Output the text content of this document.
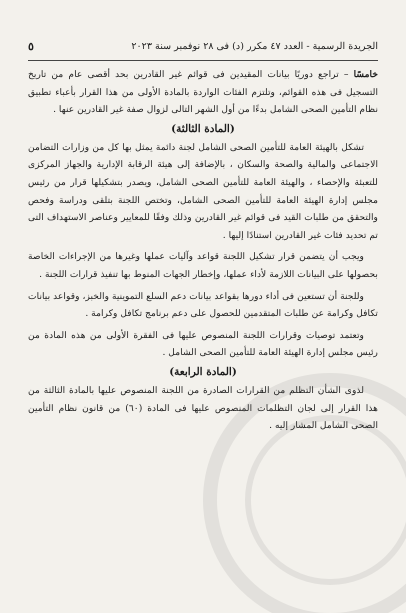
الجريدة الرسمية - العدد ٤٧ مكرر (د) فى ٢٨ نوفمبر سنة ٢٠٢٣
٥

خامسًا – تراجع دوريًا بيانات المقيدين فى قوائم غير القادرين بحد أقصى عام من تاريخ التسجيل فى هذه القوائم، وتلتزم الفئات الواردة بالمادة الأولى من هذا القرار بأعباء تطبيق نظام التأمين الصحى الشامل بدءًا من أول الشهر التالى لزوال صفة غير القادرين عنها .

(المادة الثالثة)

تشكل بالهيئة العامة للتأمين الصحى الشامل لجنة دائمة يمثل بها كل من وزارات التضامن الاجتماعى والمالية والصحة والسكان ، بالإضافة إلى هيئة الرقابة الإدارية والجهاز المركزى للتعبئة والإحصاء ، والهيئة العامة للتأمين الصحى الشامل، ويصدر بتشكيلها قرار من رئيس مجلس إدارة الهيئة العامة للتأمين الصحى الشامل، وتختص اللجنة بتلقى ودراسة وفحص والتحقق من طلبات القيد فى قوائم غير القادرين وذلك وفقًا للمعايير وعناصر الاستهداف التى تم تحديد فئات غير القادرين استنادًا إليها .

ويجب أن يتضمن قرار تشكيل اللجنة قواعد وآليات عملها وغيرها من الإجراءات الخاصة بحصولها على البيانات اللازمة لأداء عملها، وإخطار الجهات المنوط بها تنفيذ قرارات اللجنة .

وللجنة أن تستعين فى أداء دورها بقواعد بيانات دعم السلع التموينية والخبز، وقواعد بيانات تكافل وكرامة عن طلبات المتقدمين للحصول على دعم برنامج تكافل وكرامة .

وتعتمد توصيات وقرارات اللجنة المنصوص عليها فى الفقرة الأولى من هذه المادة من رئيس مجلس إدارة الهيئة العامة للتأمين الصحى الشامل .

(المادة الرابعة)

لذوى الشأن التظلم من القرارات الصادرة من اللجنة المنصوص عليها بالمادة الثالثة من هذا القرار إلى لجان التظلمات المنصوص عليها فى المادة (٦٠) من قانون نظام التأمين الصحى الشامل المشار إليه .
